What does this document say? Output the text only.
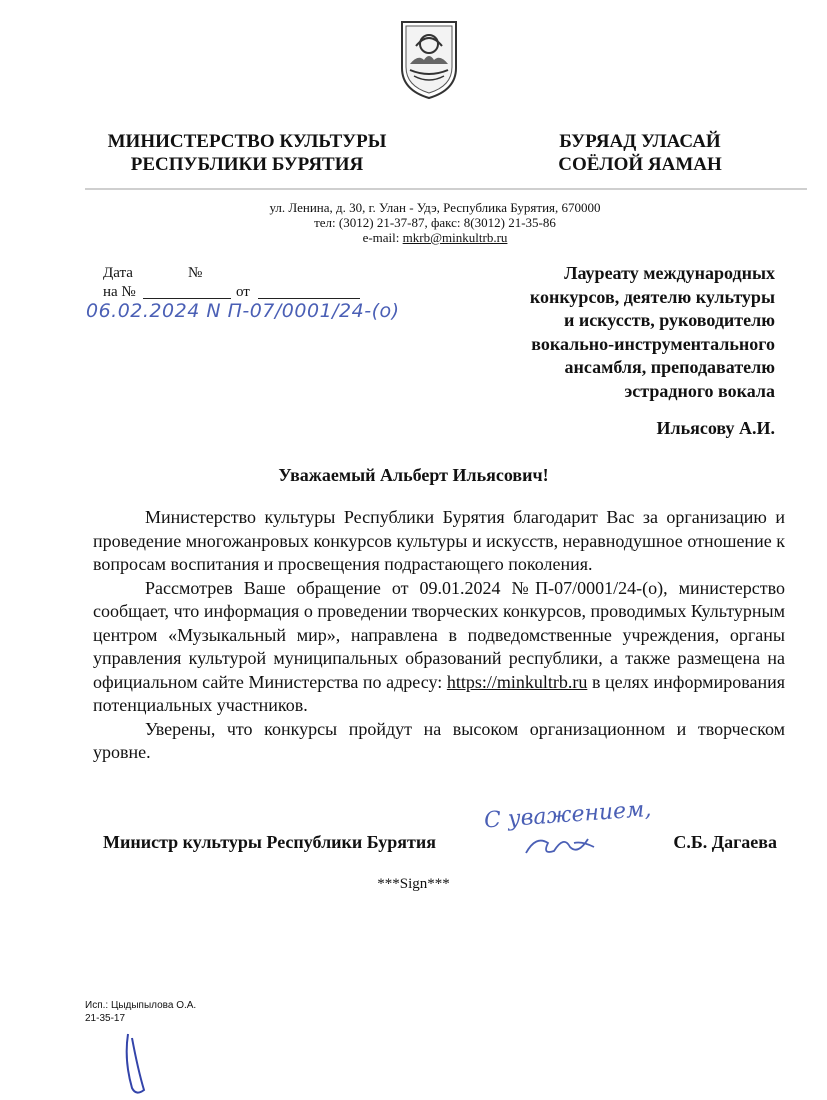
МИНИСТЕРСТВО КУЛЬТУРЫ
РЕСПУБЛИКИ БУРЯТИЯ
БУРЯАД УЛАСАЙ
СОЁЛОЙ ЯАМАН
ул. Ленина, д. 30, г. Улан - Удэ, Республика Бурятия, 670000
тел: (3012) 21-37-87, факс: 8(3012) 21-35-86
e-mail: mkrb@minkultrb.ru
Дата	№
на №	от
06.02.2024 N П-07/0001/24-(о)
Лауреату международных
конкурсов, деятелю культуры
и искусств, руководителю
вокально-инструментального
ансамбля, преподавателю
эстрадного вокала
Ильясову А.И.
Уважаемый Альберт Ильясович!

Министерство культуры Республики Бурятия благодарит Вас за организацию и проведение многожанровых конкурсов культуры и искусств, неравнодушное отношение к вопросам воспитания и просвещения подрастающего поколения.

Рассмотрев Ваше обращение от 09.01.2024 №П-07/0001/24-(о), министерство сообщает, что информация о проведении творческих конкурсов, проводимых Культурным центром «Музыкальный мир», направлена в подведомственные учреждения, органы управления культурой муниципальных образований республики, а также размещена на официальном сайте Министерства по адресу: https://minkultrb.ru в целях информирования потенциальных участников.

Уверены, что конкурсы пройдут на высоком организационном и творческом уровне.

С уважением,
Министр культуры Республики Бурятия	С.Б. Дагаева
***Sign***
Исп.: Цыдыпылова О.А.
21-35-17
